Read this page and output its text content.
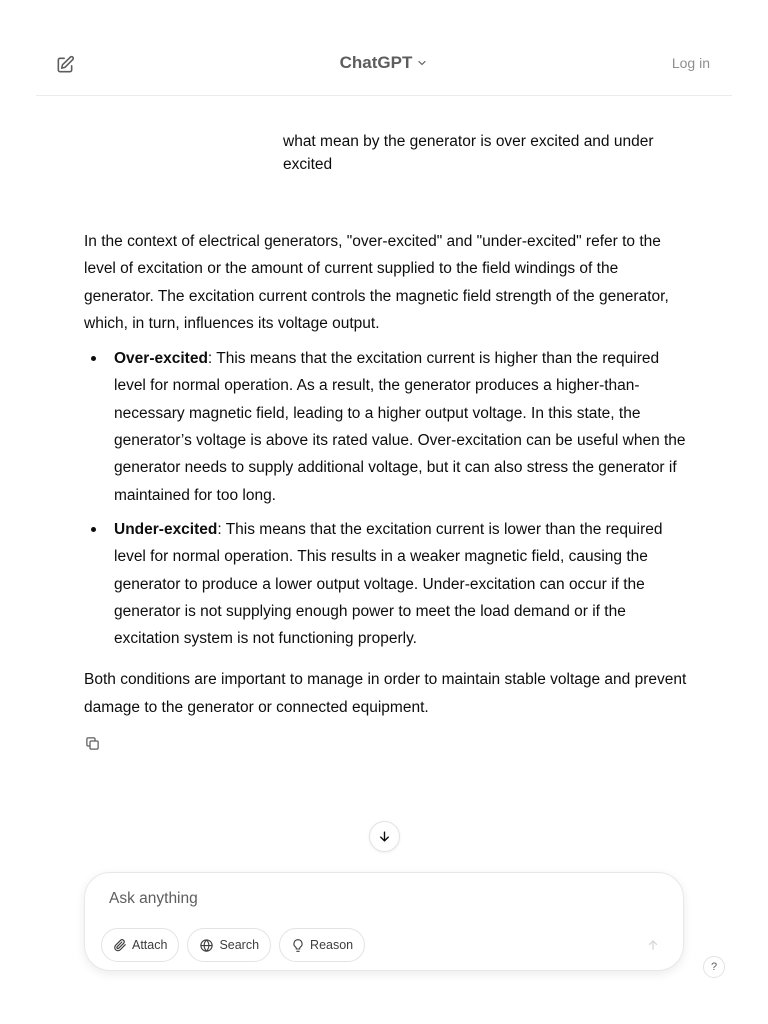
ChatGPT	Log in
what mean by the generator is over excited and under excited

In the context of electrical generators, "over-excited" and "under-excited" refer to the level of excitation or the amount of current supplied to the field windings of the generator. The excitation current controls the magnetic field strength of the generator, which, in turn, influences its voltage output.

Over-excited: This means that the excitation current is higher than the required level for normal operation. As a result, the generator produces a higher-than-necessary magnetic field, leading to a higher output voltage. In this state, the generator’s voltage is above its rated value. Over-excitation can be useful when the generator needs to supply additional voltage, but it can also stress the generator if maintained for too long.
Under-excited: This means that the excitation current is lower than the required level for normal operation. This results in a weaker magnetic field, causing the generator to produce a lower output voltage. Under-excitation can occur if the generator is not supplying enough power to meet the load demand or if the excitation system is not functioning properly.

Both conditions are important to manage in order to maintain stable voltage and prevent damage to the generator or connected equipment.

Ask anything
Attach	Search	Reason
?
